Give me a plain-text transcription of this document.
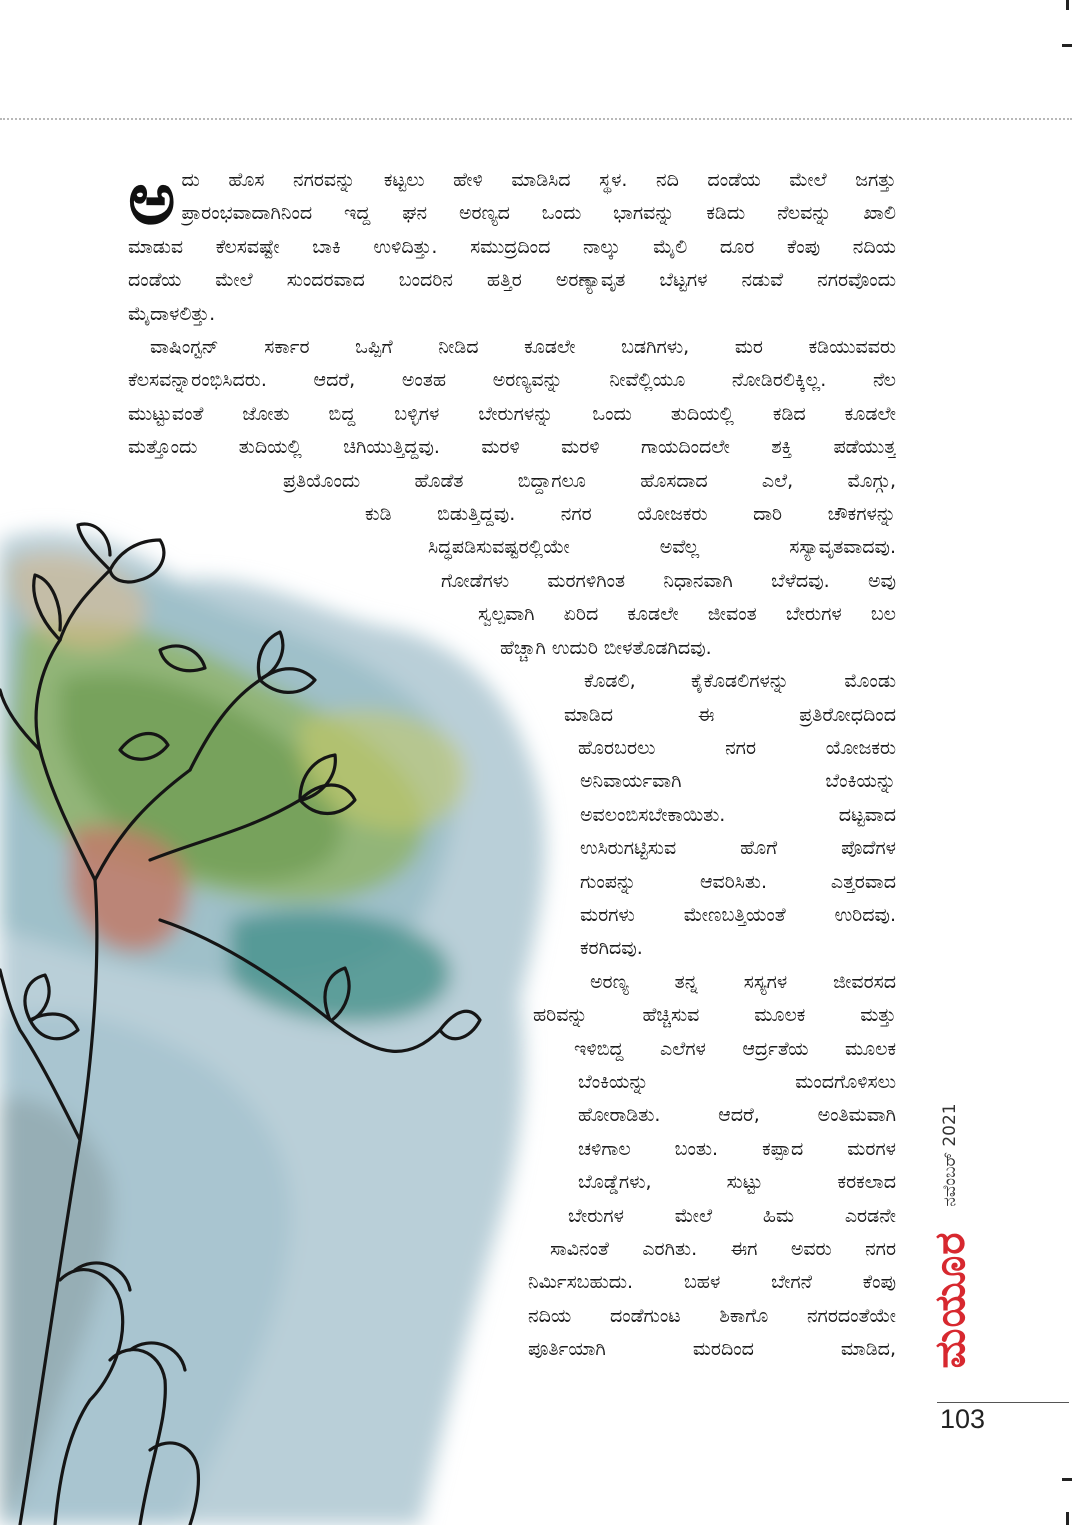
ಅ ದು ಹೊಸ ನಗರವನ್ನು ಕಟ್ಟಲು ಹೇಳಿ ಮಾಡಿಸಿದ ಸ್ಥಳ. ನದಿ ದಂಡೆಯ ಮೇಲೆ ಜಗತ್ತು
ಪ್ರಾರಂಭವಾದಾಗಿನಿಂದ ಇದ್ದ ಘನ ಅರಣ್ಯದ ಒಂದು ಭಾಗವನ್ನು ಕಡಿದು ನೆಲವನ್ನು ಖಾಲಿ
ಮಾಡುವ ಕೆಲಸವಷ್ಟೇ ಬಾಕಿ ಉಳಿದಿತ್ತು. ಸಮುದ್ರದಿಂದ ನಾಲ್ಕು ಮೈಲಿ ದೂರ ಕೆಂಪು ನದಿಯ
ದಂಡೆಯ ಮೇಲೆ ಸುಂದರವಾದ ಬಂದರಿನ ಹತ್ತಿರ ಅರಣ್ಯಾವೃತ ಬೆಟ್ಟಗಳ ನಡುವೆ ನಗರವೊಂದು
ಮೈದಾಳಲಿತ್ತು.

ವಾಷಿಂಗ್ಟನ್ ಸರ್ಕಾರ ಒಪ್ಪಿಗೆ ನೀಡಿದ ಕೂಡಲೇ ಬಡಗಿಗಳು, ಮರ ಕಡಿಯುವವರು
ಕೆಲಸವನ್ನಾರಂಭಿಸಿದರು. ಆದರೆ, ಅಂತಹ ಅರಣ್ಯವನ್ನು ನೀವೆಲ್ಲಿಯೂ ನೋಡಿರಲಿಕ್ಕಿಲ್ಲ. ನೆಲ
ಮುಟ್ಟುವಂತೆ ಜೋತು ಬಿದ್ದ ಬಳ್ಳಿಗಳ ಬೇರುಗಳನ್ನು ಒಂದು ತುದಿಯಲ್ಲಿ ಕಡಿದ ಕೂಡಲೇ
ಮತ್ತೊಂದು ತುದಿಯಲ್ಲಿ ಚಿಗಿಯುತ್ತಿದ್ದವು. ಮರಳಿ ಮರಳಿ ಗಾಯದಿಂದಲೇ ಶಕ್ತಿ ಪಡೆಯುತ್ತ
ಪ್ರತಿಯೊಂದು ಹೊಡೆತ ಬಿದ್ದಾಗಲೂ ಹೊಸದಾದ ಎಲೆ, ಮೊಗ್ಗು,
ಕುಡಿ ಬಿಡುತ್ತಿದ್ದವು. ನಗರ ಯೋಜಕರು ದಾರಿ ಚೌಕಗಳನ್ನು
ಸಿದ್ಧಪಡಿಸುವಷ್ಟರಲ್ಲಿಯೇ ಅವೆಲ್ಲ ಸಸ್ಯಾವೃತವಾದವು.
ಗೋಡೆಗಳು ಮರಗಳಿಗಿಂತ ನಿಧಾನವಾಗಿ ಬೆಳೆದವು. ಅವು
ಸ್ವಲ್ಪವಾಗಿ ಏರಿದ ಕೂಡಲೇ ಜೀವಂತ ಬೇರುಗಳ ಬಲ
ಹೆಚ್ಚಾಗಿ ಉದುರಿ ಬೀಳತೊಡಗಿದವು.

ಕೊಡಲಿ, ಕೈಕೊಡಲಿಗಳನ್ನು ಮೊಂಡು
ಮಾಡಿದ ಈ ಪ್ರತಿರೋಧದಿಂದ
ಹೊರಬರಲು ನಗರ ಯೋಜಕರು
ಅನಿವಾರ್ಯವಾಗಿ ಬೆಂಕಿಯನ್ನು
ಅವಲಂಬಿಸಬೇಕಾಯಿತು. ದಟ್ಟವಾದ
ಉಸಿರುಗಟ್ಟಿಸುವ ಹೊಗೆ ಪೊದೆಗಳ
ಗುಂಪನ್ನು ಆವರಿಸಿತು. ಎತ್ತರವಾದ
ಮರಗಳು ಮೇಣಬತ್ತಿಯಂತೆ ಉರಿದವು.
ಕರಗಿದವು.

ಅರಣ್ಯ ತನ್ನ ಸಸ್ಯಗಳ ಜೀವರಸದ
ಹರಿವನ್ನು ಹೆಚ್ಚಿಸುವ ಮೂಲಕ ಮತ್ತು
ಇಳಿಬಿದ್ದ ಎಲೆಗಳ ಆರ್ದ್ರತೆಯ ಮೂಲಕ
ಬೆಂಕಿಯನ್ನು ಮಂದಗೊಳಿಸಲು
ಹೋರಾಡಿತು. ಆದರೆ, ಅಂತಿಮವಾಗಿ
ಚಳಿಗಾಲ ಬಂತು. ಕಪ್ಪಾದ ಮರಗಳ
ಬೊಡ್ಡೆಗಳು, ಸುಟ್ಟು ಕರಕಲಾದ
ಬೇರುಗಳ ಮೇಲೆ ಹಿಮ ಎರಡನೇ
ಸಾವಿನಂತೆ ಎರಗಿತು. ಈಗ ಅವರು ನಗರ
ನಿರ್ಮಿಸಬಹುದು. ಬಹಳ ಬೇಗನೆ ಕೆಂಪು
ನದಿಯ ದಂಡೆಗುಂಟ ಶಿಕಾಗೊ ನಗರದಂತೆಯೇ
ಪೂರ್ತಿಯಾಗಿ ಮರದಿಂದ ಮಾಡಿದ,

ನವೆಂಬರ್ 2021
ಮಯೂರ
103
